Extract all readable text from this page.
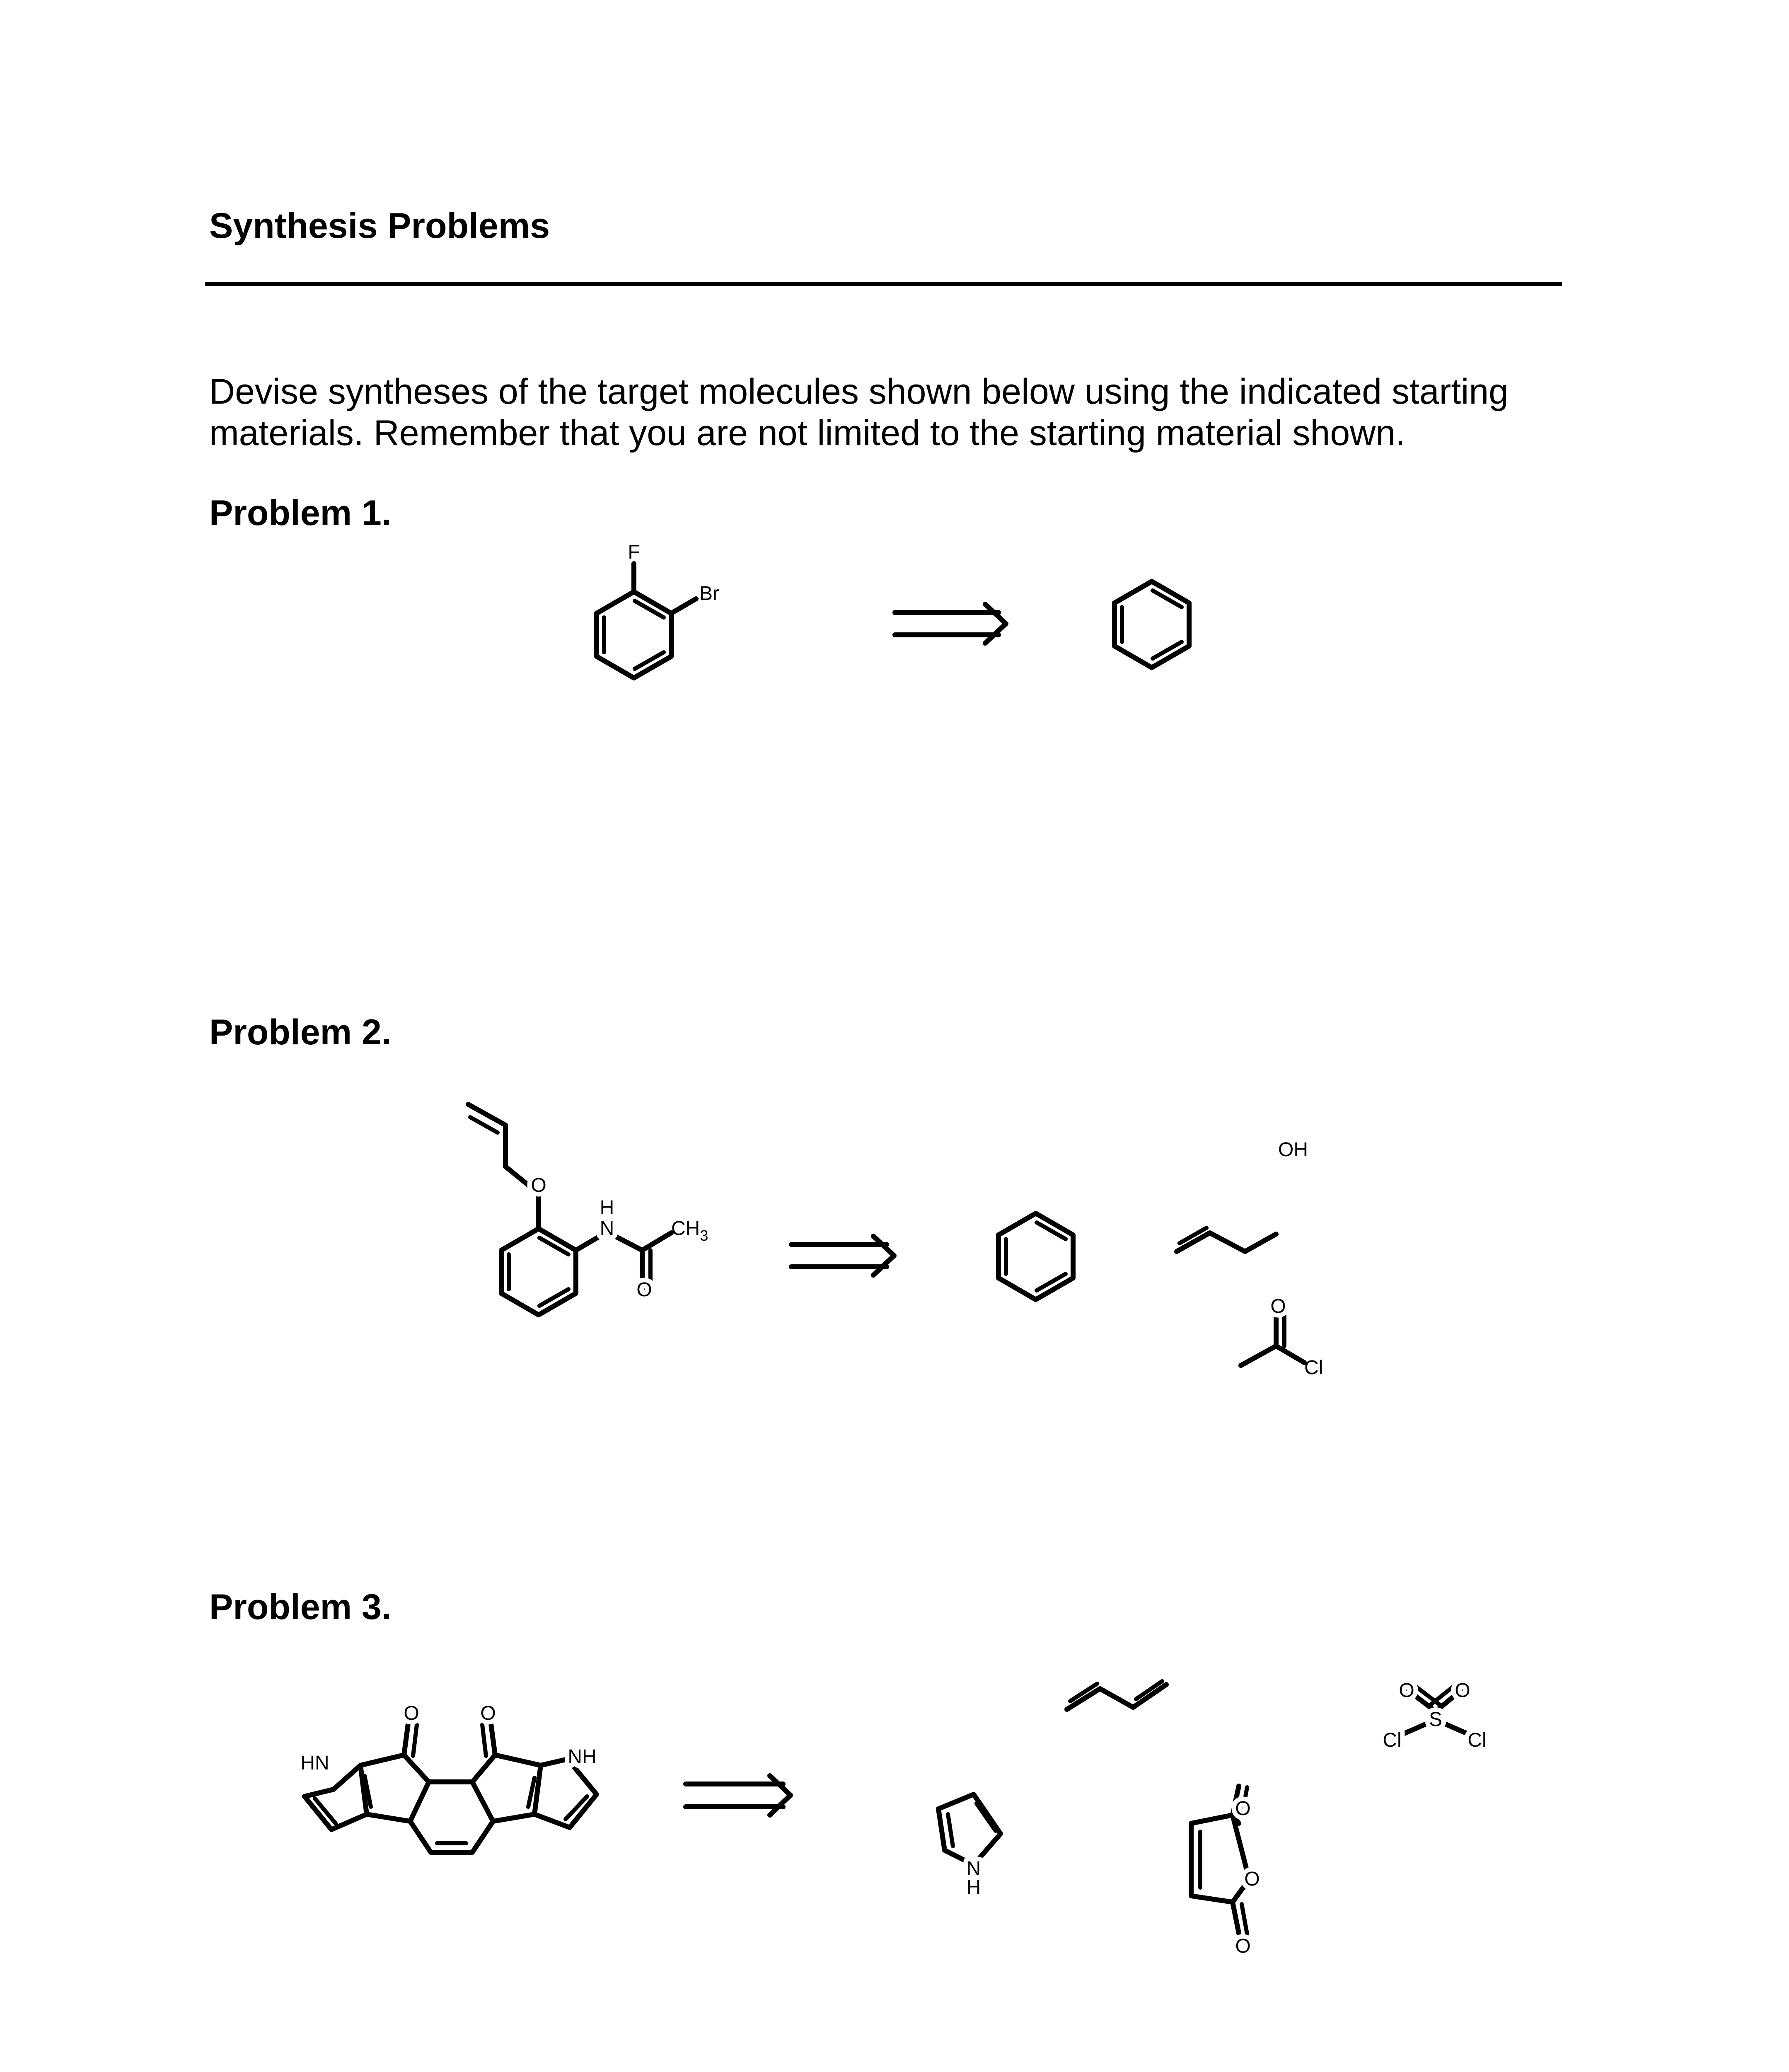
Synthesis Problems

Devise syntheses of the target molecules shown below using the indicated starting
materials. Remember that you are not limited to the starting material shown.

Problem 1.
Problem 2.
Problem 3.
F
Br
O
N
H
$CH_3$
O
OH
O
Cl
HN	NH
O	O
N
H
O
O
O
S
O O
Cl	Cl
